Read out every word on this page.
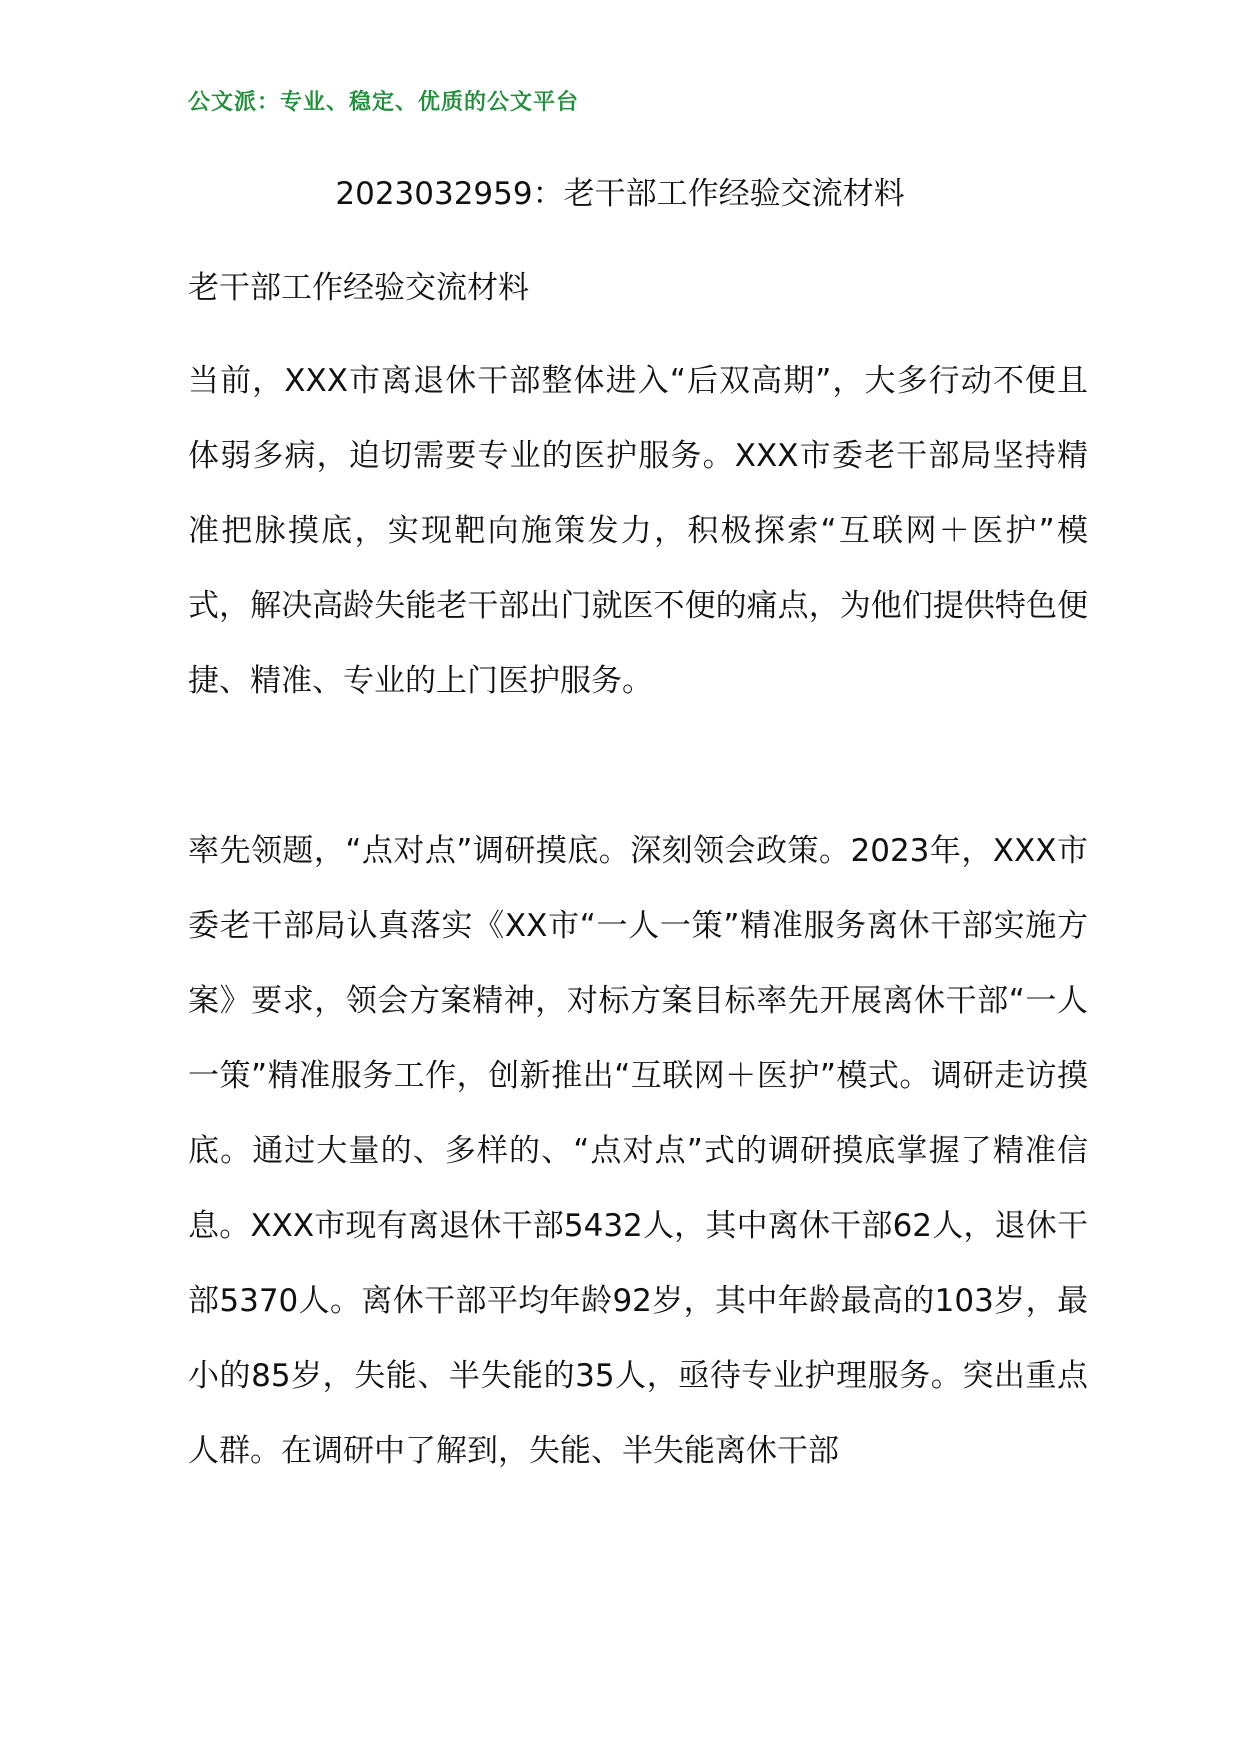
公文派：专业、稳定、优质的公文平台
2023032959：老干部工作经验交流材料
老干部工作经验交流材料

当前，XXX市离退休干部整体进入“后双高期”，大多行动不便且体弱多病，迫切需要专业的医护服务。XXX市委老干部局坚持精准把脉摸底，实现靶向施策发力，积极探索“互联网＋医护”模式，解决高龄失能老干部出门就医不便的痛点，为他们提供特色便捷、精准、专业的上门医护服务。

率先领题，“点对点”调研摸底。深刻领会政策。2023年，XXX市委老干部局认真落实《XX市“一人一策”精准服务离休干部实施方案》要求，领会方案精神，对标方案目标率先开展离休干部“一人一策”精准服务工作，创新推出“互联网＋医护”模式。调研走访摸底。通过大量的、多样的、“点对点”式的调研摸底掌握了精准信息。XXX市现有离退休干部5432人，其中离休干部62人，退休干部5370人。离休干部平均年龄92岁，其中年龄最高的103岁，最小的85岁，失能、半失能的35人，亟待专业护理服务。突出重点人群。在调研中了解到，失能、半失能离休干部
